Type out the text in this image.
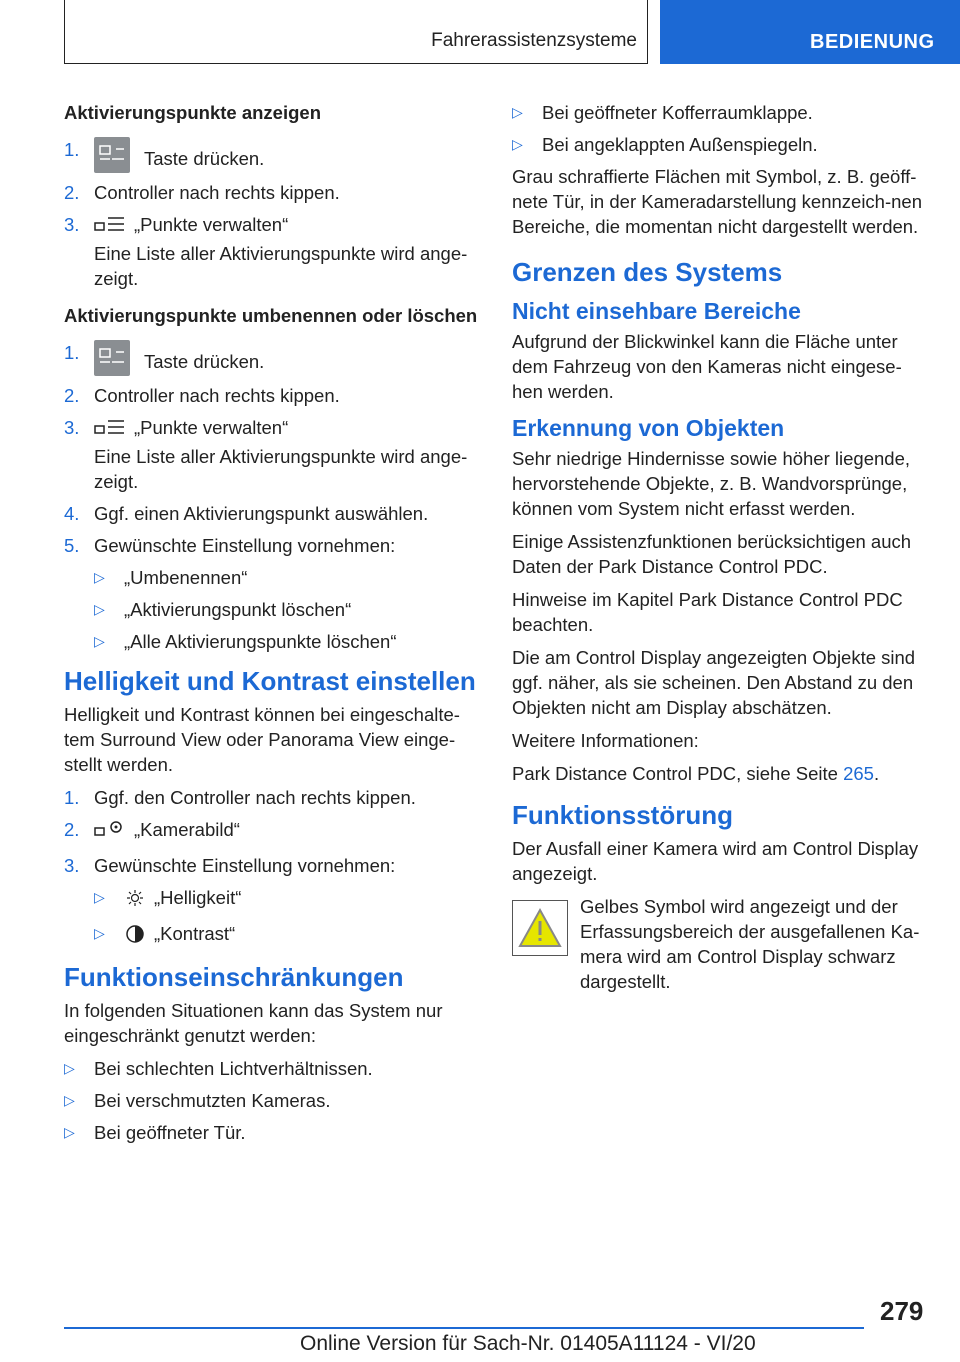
Fahrerassistenzsysteme	BEDIENUNG
Aktivierungspunkte anzeigen
1.	Taste drücken.
2. Controller nach rechts kippen.
3.	„Punkte verwalten“
Eine Liste aller Aktivierungspunkte wird ange-zeigt.
Aktivierungspunkte umbenennen oder löschen
1.	Taste drücken.
2. Controller nach rechts kippen.
3.	„Punkte verwalten“
Eine Liste aller Aktivierungspunkte wird ange-zeigt.
4. Ggf. einen Aktivierungspunkt auswählen.
5. Gewünschte Einstellung vornehmen:
▷	„Umbenennen“
▷	„Aktivierungspunkt löschen“
▷	„Alle Aktivierungspunkte löschen“
Helligkeit und Kontrast einstellen

Helligkeit und Kontrast können bei eingeschalte-tem Surround View oder Panorama View einge-stellt werden.

1. Ggf. den Controller nach rechts kippen.
2.	„Kamerabild“
3. Gewünschte Einstellung vornehmen:
▷	„Helligkeit“
▷	„Kontrast“
Funktionseinschränkungen

In folgenden Situationen kann das System nur eingeschränkt genutzt werden:

▷	Bei schlechten Lichtverhältnissen.
▷	Bei verschmutzten Kameras.
▷	Bei geöffneter Tür.
▷	Bei geöffneter Kofferraumklappe.
▷	Bei angeklappten Außenspiegeln.

Grau schraffierte Flächen mit Symbol, z. B. geöff-nete Tür, in der Kameradarstellung kennzeich-nen Bereiche, die momentan nicht dargestellt werden.

Grenzen des Systems
Nicht einsehbare Bereiche

Aufgrund der Blickwinkel kann die Fläche unter dem Fahrzeug von den Kameras nicht eingese-hen werden.

Erkennung von Objekten

Sehr niedrige Hindernisse sowie höher liegende, hervorstehende Objekte, z. B. Wandvorsprünge, können vom System nicht erfasst werden.

Einige Assistenzfunktionen berücksichtigen auch Daten der Park Distance Control PDC.

Hinweise im Kapitel Park Distance Control PDC beachten.

Die am Control Display angezeigten Objekte sind ggf. näher, als sie scheinen. Den Abstand zu den Objekten nicht am Display abschätzen.

Weitere Informationen:

Park Distance Control PDC, siehe Seite 265.

Funktionsstörung

Der Ausfall einer Kamera wird am Control Display angezeigt.

Gelbes Symbol wird angezeigt und der Erfassungsbereich der ausgefallenen Ka-mera wird am Control Display schwarz dargestellt.
279
Online Version für Sach-Nr. 01405A11124 - VI/20
